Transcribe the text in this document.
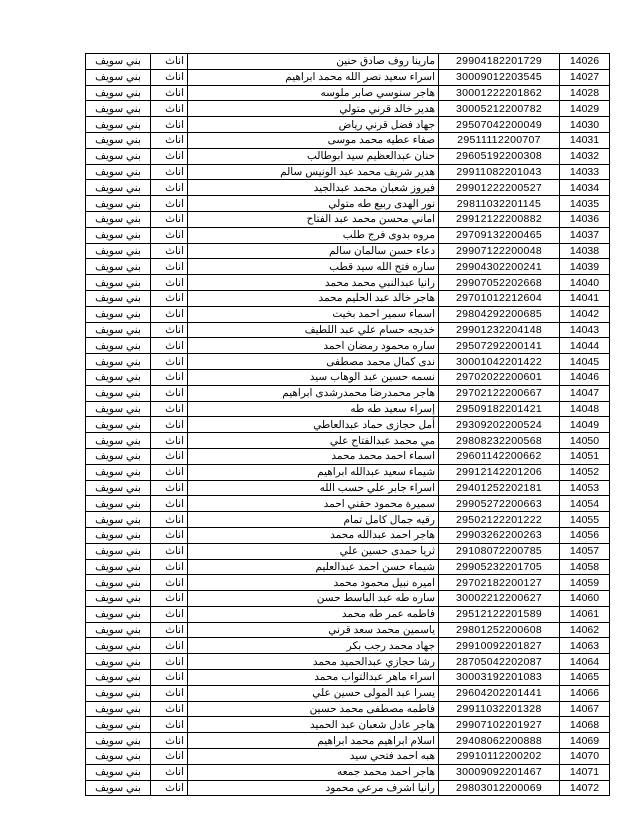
بني سويف	اناث	مارينا روف صادق حنين	29904182201729	14026
بني سويف	اناث	اسراء سعيد نصر الله محمد ابراهيم	30009012203545	14027
بني سويف	اناث	هاجر سنوسي صابر ملوسه	30001222201862	14028
بني سويف	اناث	هدير خالد قرني متولي	30005212200782	14029
بني سويف	اناث	جهاد فضل قرني رياض	29507042200049	14030
بني سويف	اناث	صفاء عطيه محمد موسى	29511112200707	14031
بني سويف	اناث	حنان عبدالعظيم سيد ابوطالب	29605192200308	14032
بني سويف	اناث	هدير شريف محمد عبد الونيس سالم	29911082201043	14033
بني سويف	اناث	فيروز شعبان محمد عبدالجيد	29901222200527	14034
بني سويف	اناث	نور الهدى ربيع طه متولي	29811032201145	14035
بني سويف	اناث	اماني محسن محمد عبد الفتاح	29912122200882	14036
بني سويف	اناث	مروه بدوى فرج طلب	29709132200465	14037
بني سويف	اناث	دعاء حسن سالمان سالم	29907122200048	14038
بني سويف	اناث	ساره فتح الله سيد قطب	29904302200241	14039
بني سويف	اناث	رانيا عبدالنبي محمد محمد	29907052202668	14040
بني سويف	اناث	هاجر خالد عبد الحليم محمد	29701012212604	14041
بني سويف	اناث	اسماء سمير احمد بخيت	29804292200685	14042
بني سويف	اناث	خديجه حسام علي عبد اللطيف	29901232204148	14043
بني سويف	اناث	ساره محمود رمضان احمد	29507292200141	14044
بني سويف	اناث	ندى كمال محمد مصطفى	30001042201422	14045
بني سويف	اناث	نسمه حسين عبد الوهاب سيد	29702022200601	14046
بني سويف	اناث	هاجر محمدرضا محمدرشدى ابراهيم	29702122200667	14047
بني سويف	اناث	إسراء سعيد طه طه	29509182201421	14048
بني سويف	اناث	أمل حجازى حماد عبدالعاطي	29309202200524	14049
بني سويف	اناث	مي محمد عبدالفتاح علي	29808232200568	14050
بني سويف	اناث	اسماء احمد محمد محمد	29601142200662	14051
بني سويف	اناث	شيماء سعيد عبدالله ابراهيم	29912142201206	14052
بني سويف	اناث	اسراء جابر علي حسب الله	29401252202181	14053
بني سويف	اناث	سميرة محمود حقني احمد	29905272200663	14054
بني سويف	اناث	رقيه جمال كامل تمام	29502122201222	14055
بني سويف	اناث	هاجر احمد عبدالله محمد	29903262200263	14056
بني سويف	اناث	ثريا حمدى حسين علي	29108072200785	14057
بني سويف	اناث	شيماء حسن احمد عبدالعليم	29905232201705	14058
بني سويف	اناث	اميره نبيل محمود محمد	29702182200127	14059
بني سويف	اناث	ساره طه عبد الباسط حسن	30002212200627	14060
بني سويف	اناث	فاطمه عمر طه محمد	29512122201589	14061
بني سويف	اناث	ياسمين محمد سعد قرني	29801252200608	14062
بني سويف	اناث	جهاد محمد رجب بكر	29910092201827	14063
بني سويف	اناث	رشا حجازي عبدالحميد محمد	28705042202087	14064
بني سويف	اناث	اسراء ماهر عبدالتواب محمد	30003192201083	14065
بني سويف	اناث	يسرا عبد المولى حسين علي	29604202201441	14066
بني سويف	اناث	فاطمه مصطفى محمد حسين	29911032201328	14067
بني سويف	اناث	هاجر عادل شعبان عبد الحميد	29907102201927	14068
بني سويف	اناث	اسلام ابراهيم محمد ابراهيم	29408062200888	14069
بني سويف	اناث	هبه احمد فتحي سيد	29910112200202	14070
بني سويف	اناث	هاجر احمد محمد جمعه	30009092201467	14071
بني سويف	اناث	رانيا اشرف مرعي محمود	29803012200069	14072
